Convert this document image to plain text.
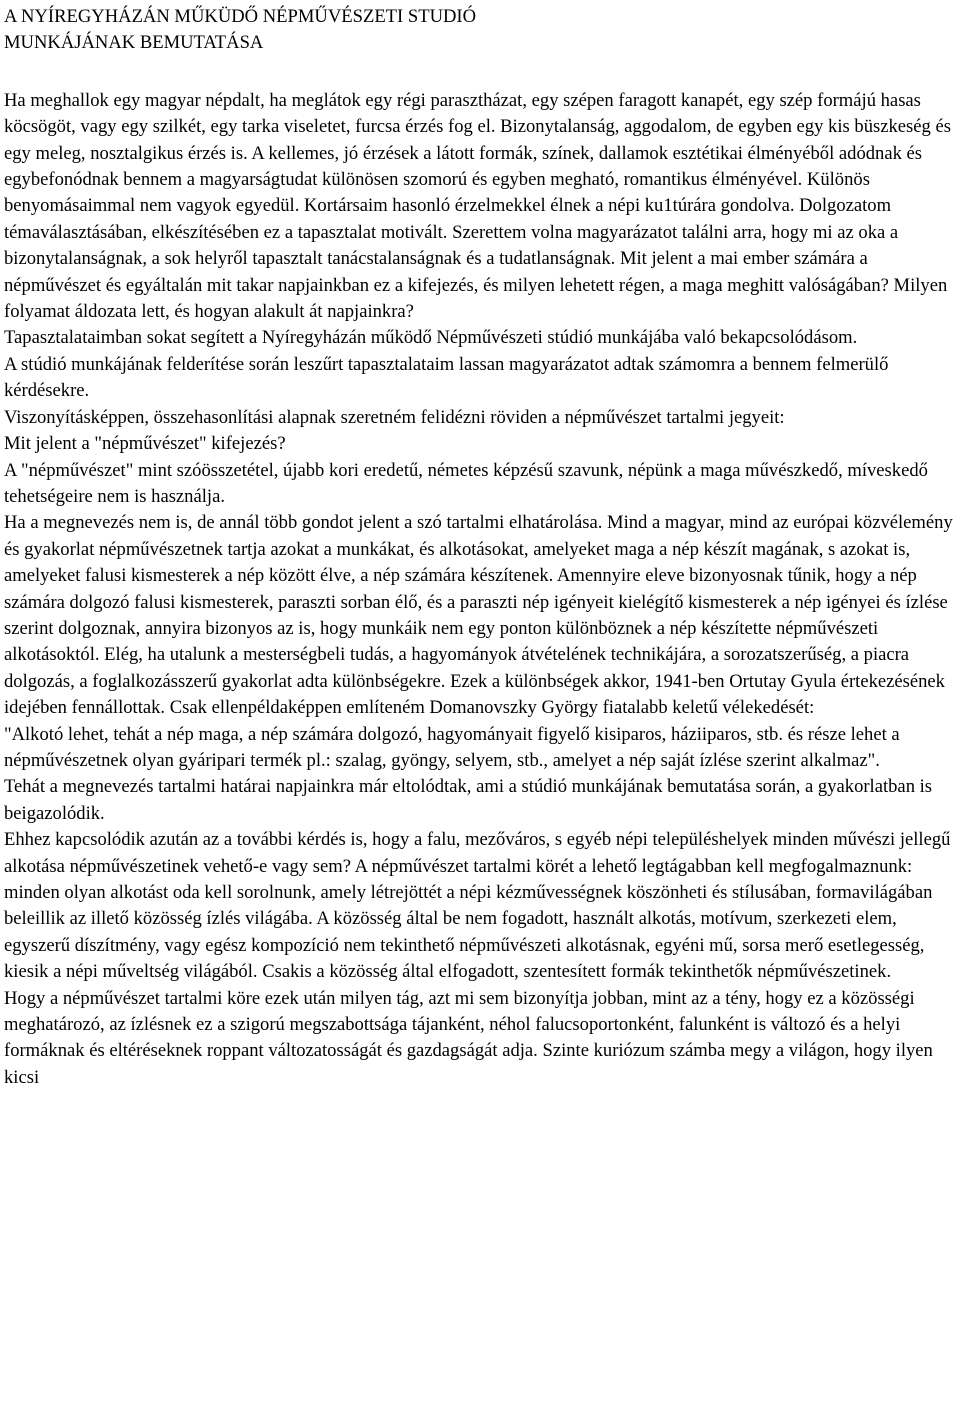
A NYÍREGYHÁZÁN MŰKÜDŐ NÉPMŰVÉSZETI STUDIÓ
MUNKÁJÁNAK BEMUTATÁSA

Ha meghallok egy magyar népdalt, ha meglátok egy régi parasztházat, egy szépen faragott kanapét, egy szép formájú hasas köcsögöt, vagy egy szilkét, egy tarka viseletet, furcsa érzés fog el. Bizonytalanság, aggodalom, de egyben egy kis büszkeség és egy meleg, nosztalgikus érzés is. A kellemes, jó érzések a látott formák, színek, dallamok esztétikai élményéből adódnak és egybefonódnak bennem a magyarságtudat különösen szomorú és egyben megható, romantikus élményével. Különös benyomásaimmal nem vagyok egyedül. Kortársaim hasonló érzelmekkel élnek a népi ku1túrára gondolva. Dolgozatom témaválasztásában, elkészítésében ez a tapasztalat motivált. Szerettem volna magyarázatot találni arra, hogy mi az oka a bizonytalanságnak, a sok helyről tapasztalt tanácstalanságnak és a tudatlanságnak. Mit jelent a mai ember számára a népművészet és egyáltalán mit takar napjainkban ez a kifejezés, és milyen lehetett régen, a maga meghitt valóságában? Milyen folyamat áldozata lett, és hogyan alakult át napjainkra?

Tapasztalataimban sokat segített a Nyíregyházán működő Népművészeti stúdió munkájába való bekapcsolódásom.

A stúdió munkájának felderítése során leszűrt tapasztalataim lassan magyarázatot adtak számomra a bennem felmerülő kérdésekre.

Viszonyításképpen, összehasonlítási alapnak szeretném felidézni röviden a népművészet tartalmi jegyeit:

Mit jelent a "népművészet" kifejezés?

A "népművészet" mint szóösszetétel, újabb kori eredetű, németes képzésű szavunk, népünk a maga művészkedő, míveskedő tehetségeire nem is használja.

Ha a megnevezés nem is, de annál több gondot jelent a szó tartalmi elhatárolása. Mind a magyar, mind az európai közvélemény és gyakorlat népművészetnek tartja azokat a munkákat, és alkotásokat, amelyeket maga a nép készít magának, s azokat is, amelyeket falusi kismesterek a nép között élve, a nép számára készítenek. Amennyire eleve bizonyosnak tűnik, hogy a nép számára dolgozó falusi kismesterek, paraszti sorban élő, és a paraszti nép igényeit kielégítő kismesterek a nép igényei és ízlése szerint dolgoznak, annyira bizonyos az is, hogy munkáik nem egy ponton különböznek a nép készítette népművészeti alkotásoktól. Elég, ha utalunk a mesterségbeli tudás, a hagyományok átvételének technikájára, a sorozatszerűség, a piacra dolgozás, a foglalkozásszerű gyakorlat adta különbségekre. Ezek a különbségek akkor, 1941-ben Ortutay Gyula értekezésének idejében fennállottak. Csak ellenpéldaképpen említeném Domanovszky György fiatalabb keletű vélekedését:

"Alkotó lehet, tehát a nép maga, a nép számára dolgozó, hagyományait figyelő kisiparos, háziiparos, stb. és része lehet a népművészetnek olyan gyáripari termék pl.: szalag, gyöngy, selyem, stb., amelyet a nép saját ízlése szerint alkalmaz".

Tehát a megnevezés tartalmi határai napjainkra már eltolódtak, ami a stúdió munkájának bemutatása során, a gyakorlatban is beigazolódik.

Ehhez kapcsolódik azután az a további kérdés is, hogy a falu, mezőváros, s egyéb népi településhelyek minden művészi jellegű alkotása népművészetinek vehető-e vagy sem? A népművészet tartalmi körét a lehető legtágabban kell megfogalmaznunk: minden olyan alkotást oda kell sorolnunk, amely létrejöttét a népi kézművességnek köszönheti és stílusában, formavilágában beleillik az illető közösség ízlés világába. A közösség által be nem fogadott, használt alkotás, motívum, szerkezeti elem, egyszerű díszítmény, vagy egész kompozíció nem tekinthető népművészeti alkotásnak, egyéni mű, sorsa merő esetlegesség, kiesik a népi műveltség világából. Csakis a közösség által elfogadott, szentesített formák tekinthetők népművészetinek.

Hogy a népművészet tartalmi köre ezek után milyen tág, azt mi sem bizonyítja jobban, mint az a tény, hogy ez a közösségi meghatározó, az ízlésnek ez a szigorú megszabottsága tájanként, néhol falucsoportonként, falunként is változó és a helyi formáknak és eltéréseknek roppant változatosságát és gazdagságát adja. Szinte kuriózum számba megy a világon, hogy ilyen kicsi
